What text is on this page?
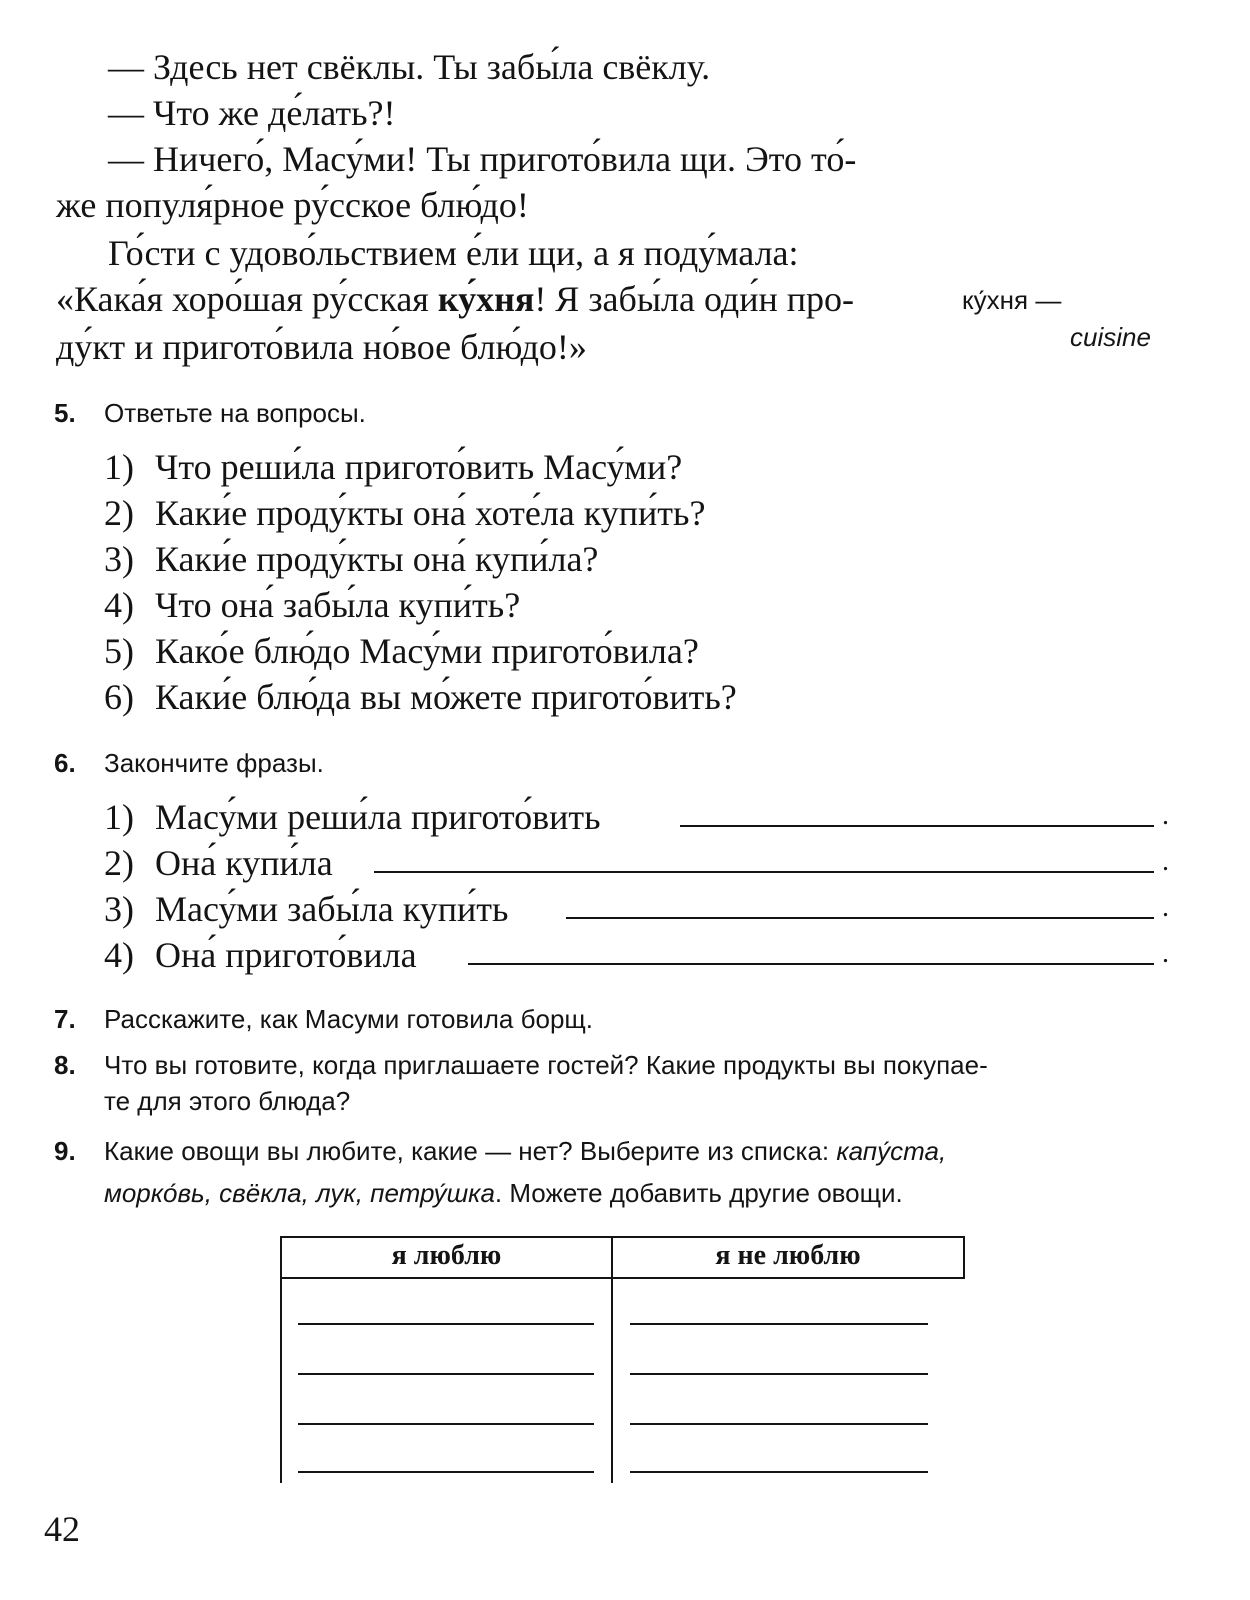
— Здесь нет свёклы. Ты забы́ла свёклу.
— Что же де́лать?!
— Ничего́, Масу́ми! Ты пригото́вила щи. Это то́-
же популя́рное ру́сское блю́до!
Го́сти с удово́льствием е́ли щи, а я поду́мала:
«Кака́я хоро́шая ру́сская ку́хня! Я забы́ла оди́н про-
ду́кт и пригото́вила но́вое блю́до!»
ку́хня —
cuisine
5. Ответьте на вопросы.
1) Что реши́ла пригото́вить Масу́ми?
2) Каки́е проду́кты она́ хоте́ла купи́ть?
3) Каки́е проду́кты она́ купи́ла?
4) Что она́ забы́ла купи́ть?
5) Како́е блю́до Масу́ми пригото́вила?
6) Каки́е блю́да вы мо́жете пригото́вить?
6. Закончите фразы.
1) Масу́ми реши́ла пригото́вить	.
2) Она́ купи́ла	.
3) Масу́ми забы́ла купи́ть	.
4) Она́ пригото́вила	.
7. Расскажите, как Масуми готовила борщ.
8. Что вы готовите, когда приглашаете гостей? Какие продукты вы покупае-
те для этого блюда?
9. Какие овощи вы любите, какие — нет? Выберите из списка: капу́ста,
морко́вь, свёкла, лук, петру́шка. Можете добавить другие овощи.
я люблю	я не люблю
42
